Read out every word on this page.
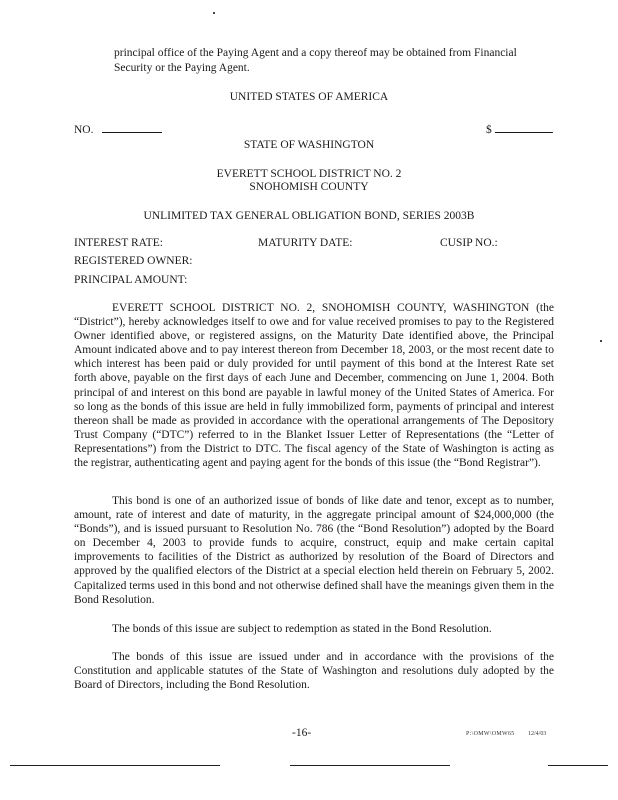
principal office of the Paying Agent and a copy thereof may be obtained from Financial Security or the Paying Agent.
UNITED STATES OF AMERICA
NO.	$
STATE OF WASHINGTON
EVERETT SCHOOL DISTRICT NO. 2
SNOHOMISH COUNTY
UNLIMITED TAX GENERAL OBLIGATION BOND, SERIES 2003B
INTEREST RATE:	MATURITY DATE:	CUSIP NO.:
REGISTERED OWNER:
PRINCIPAL AMOUNT:
EVERETT SCHOOL DISTRICT NO. 2, SNOHOMISH COUNTY, WASHINGTON (the “District”), hereby acknowledges itself to owe and for value received promises to pay to the Registered Owner identified above, or registered assigns, on the Maturity Date identified above, the Principal Amount indicated above and to pay interest thereon from December 18, 2003, or the most recent date to which interest has been paid or duly provided for until payment of this bond at the Interest Rate set forth above, payable on the first days of each June and December, commencing on June 1, 2004. Both principal of and interest on this bond are payable in lawful money of the United States of America. For so long as the bonds of this issue are held in fully immobilized form, payments of principal and interest thereon shall be made as provided in accordance with the operational arrangements of The Depository Trust Company (“DTC”) referred to in the Blanket Issuer Letter of Representations (the “Letter of Representations”) from the District to DTC. The fiscal agency of the State of Washington is acting as the registrar, authenticating agent and paying agent for the bonds of this issue (the “Bond Registrar”).
This bond is one of an authorized issue of bonds of like date and tenor, except as to number, amount, rate of interest and date of maturity, in the aggregate principal amount of $24,000,000 (the “Bonds”), and is issued pursuant to Resolution No. 786 (the “Bond Resolution”) adopted by the Board on December 4, 2003 to provide funds to acquire, construct, equip and make certain capital improvements to facilities of the District as authorized by resolution of the Board of Directors and approved by the qualified electors of the District at a special election held therein on February 5, 2002. Capitalized terms used in this bond and not otherwise defined shall have the meanings given them in the Bond Resolution.
The bonds of this issue are subject to redemption as stated in the Bond Resolution.
The bonds of this issue are issued under and in accordance with the provisions of the Constitution and applicable statutes of the State of Washington and resolutions duly adopted by the Board of Directors, including the Bond Resolution.
-16-	P:\OMW\OMW65 12/4/03
